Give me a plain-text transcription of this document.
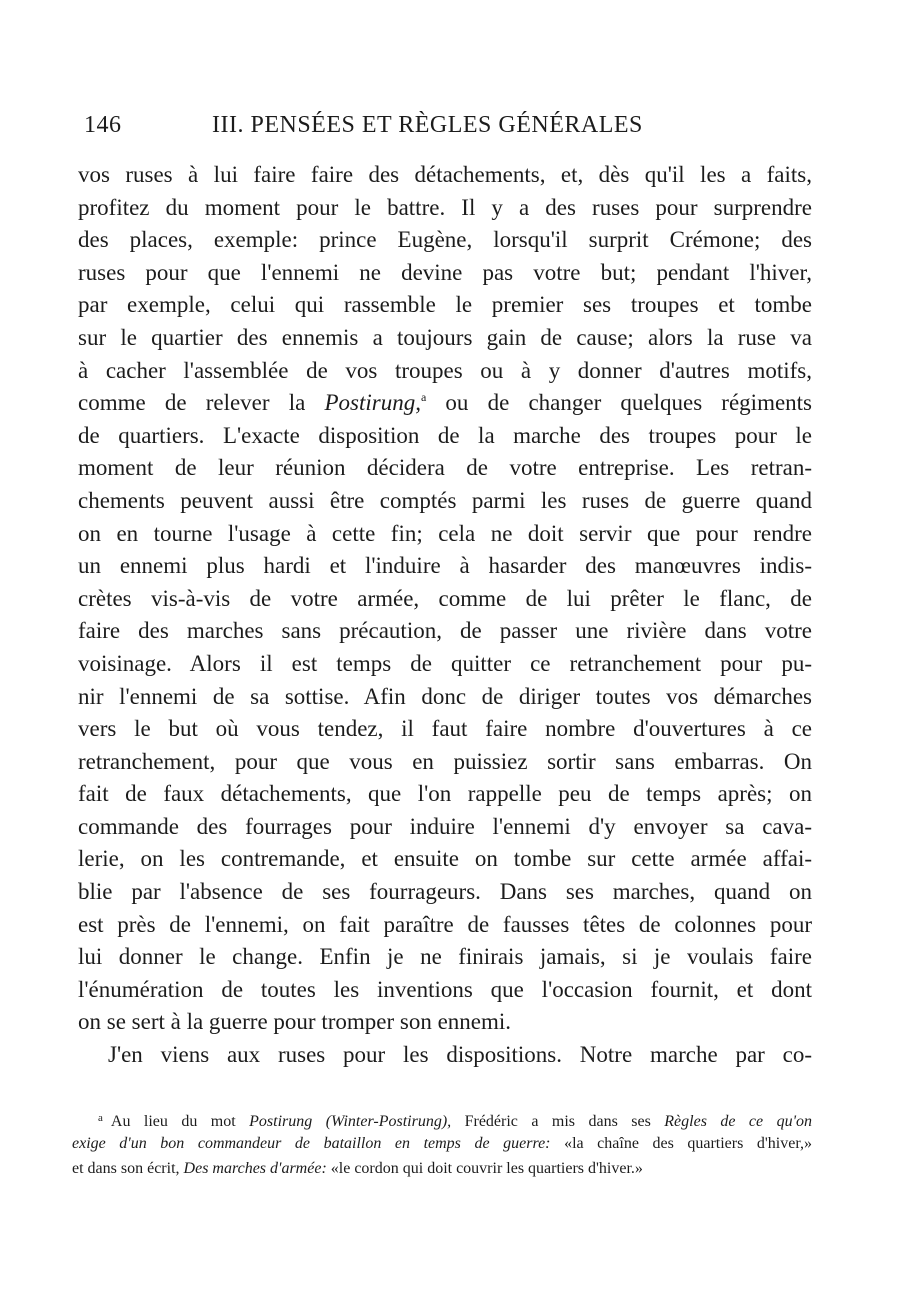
146	III. PENSÉES ET RÈGLES GÉNÉRALES
vos ruses à lui faire faire des détachements, et, dès qu'il les a faits,
profitez du moment pour le battre. Il y a des ruses pour surprendre
des places, exemple: prince Eugène, lorsqu'il surprit Crémone; des
ruses pour que l'ennemi ne devine pas votre but; pendant l'hiver,
par exemple, celui qui rassemble le premier ses troupes et tombe
sur le quartier des ennemis a toujours gain de cause; alors la ruse va
à cacher l'assemblée de vos troupes ou à y donner d'autres motifs,
comme de relever la Postirung,$^a$ ou de changer quelques régiments
de quartiers. L'exacte disposition de la marche des troupes pour le
moment de leur réunion décidera de votre entreprise. Les retran-
chements peuvent aussi être comptés parmi les ruses de guerre quand
on en tourne l'usage à cette fin; cela ne doit servir que pour rendre
un ennemi plus hardi et l'induire à hasarder des manœuvres indis-
crètes vis-à-vis de votre armée, comme de lui prêter le flanc, de
faire des marches sans précaution, de passer une rivière dans votre
voisinage. Alors il est temps de quitter ce retranchement pour pu-
nir l'ennemi de sa sottise. Afin donc de diriger toutes vos démarches
vers le but où vous tendez, il faut faire nombre d'ouvertures à ce
retranchement, pour que vous en puissiez sortir sans embarras. On
fait de faux détachements, que l'on rappelle peu de temps après; on
commande des fourrages pour induire l'ennemi d'y envoyer sa cava-
lerie, on les contremande, et ensuite on tombe sur cette armée affai-
blie par l'absence de ses fourrageurs. Dans ses marches, quand on
est près de l'ennemi, on fait paraître de fausses têtes de colonnes pour
lui donner le change. Enfin je ne finirais jamais, si je voulais faire
l'énumération de toutes les inventions que l'occasion fournit, et dont
on se sert à la guerre pour tromper son ennemi.
J'en viens aux ruses pour les dispositions. Notre marche par co-
$^a$ Au lieu du mot Postirung (Winter-Postirung), Frédéric a mis dans ses Règles de ce qu'on
exige d'un bon commandeur de bataillon en temps de guerre: «la chaîne des quartiers d'hiver,»
et dans son écrit, Des marches d'armée: «le cordon qui doit couvrir les quartiers d'hiver.»
